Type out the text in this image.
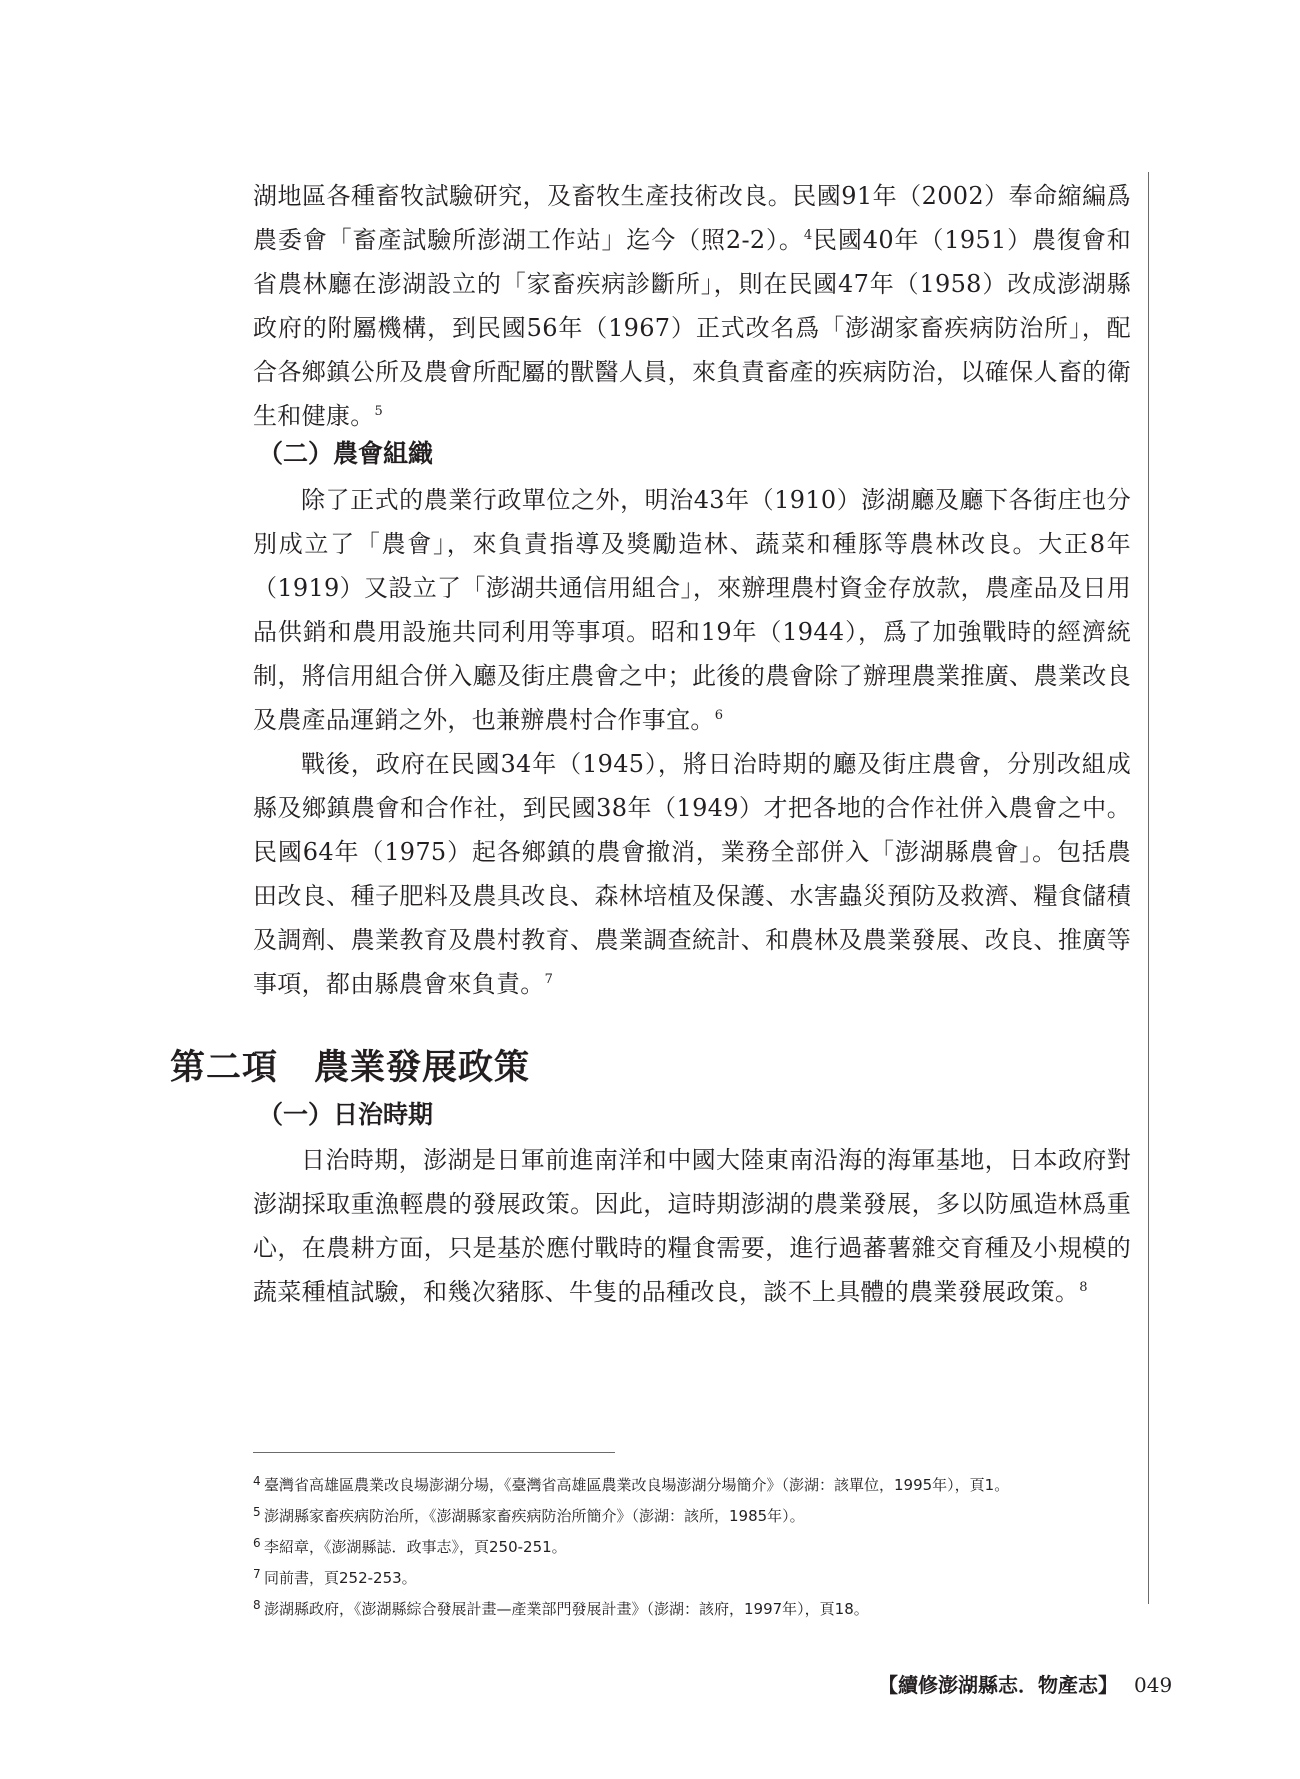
湖地區各種畜牧試驗研究，及畜牧生產技術改良。民國91年（2002）奉命縮編爲農委會「畜產試驗所澎湖工作站」迄今（照2-2）。$^4$民國40年（1951）農復會和省農林廳在澎湖設立的「家畜疾病診斷所」，則在民國47年（1958）改成澎湖縣政府的附屬機構，到民國56年（1967）正式改名爲「澎湖家畜疾病防治所」，配合各鄉鎮公所及農會所配屬的獸醫人員，來負責畜產的疾病防治，以確保人畜的衛生和健康。$^5$

（二）農會組織

除了正式的農業行政單位之外，明治43年（1910）澎湖廳及廳下各街庄也分別成立了「農會」，來負責指導及獎勵造林、蔬菜和種豚等農林改良。大正8年（1919）又設立了「澎湖共通信用組合」，來辦理農村資金存放款，農產品及日用品供銷和農用設施共同利用等事項。昭和19年（1944），爲了加強戰時的經濟統制，將信用組合併入廳及街庄農會之中；此後的農會除了辦理農業推廣、農業改良及農產品運銷之外，也兼辦農村合作事宜。$^6$

戰後，政府在民國34年（1945），將日治時期的廳及街庄農會，分別改組成縣及鄉鎮農會和合作社，到民國38年（1949）才把各地的合作社併入農會之中。民國64年（1975）起各鄉鎮的農會撤消，業務全部併入「澎湖縣農會」。包括農田改良、種子肥料及農具改良、森林培植及保護、水害蟲災預防及救濟、糧食儲積及調劑、農業教育及農村教育、農業調查統計、和農林及農業發展、改良、推廣等事項，都由縣農會來負責。$^7$

第二項 農業發展政策
（一）日治時期

日治時期，澎湖是日軍前進南洋和中國大陸東南沿海的海軍基地，日本政府對澎湖採取重漁輕農的發展政策。因此，這時期澎湖的農業發展，多以防風造林爲重心，在農耕方面，只是基於應付戰時的糧食需要，進行過蕃薯雜交育種及小規模的蔬菜種植試驗，和幾次豬豚、牛隻的品種改良，談不上具體的農業發展政策。$^8$

4 臺灣省高雄區農業改良場澎湖分場，《臺灣省高雄區農業改良場澎湖分場簡介》（澎湖：該單位，1995年），頁1。

5 澎湖縣家畜疾病防治所，《澎湖縣家畜疾病防治所簡介》（澎湖：該所，1985年）。

6 李紹章，《澎湖縣誌．政事志》，頁250-251。

7 同前書，頁252-253。

8 澎湖縣政府，《澎湖縣綜合發展計畫—產業部門發展計畫》（澎湖：該府，1997年），頁18。

【續修澎湖縣志．物產志】 049
